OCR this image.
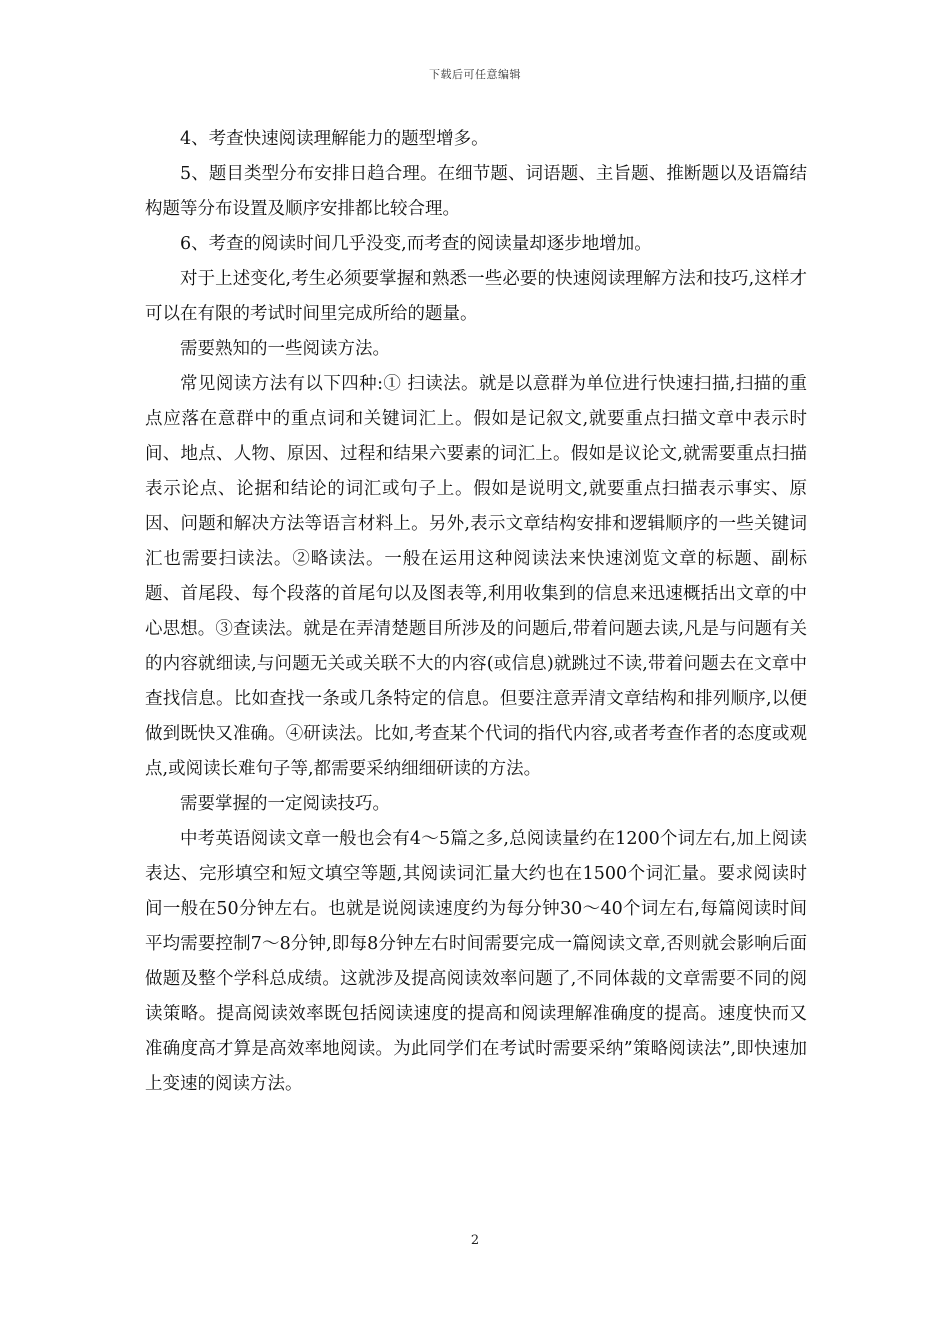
下载后可任意编辑

4、考查快速阅读理解能力的题型增多。

5、题目类型分布安排日趋合理。在细节题、词语题、主旨题、推断题以及语篇结构题等分布设置及顺序安排都比较合理。

6、考查的阅读时间几乎没变,而考查的阅读量却逐步地增加。

对于上述变化,考生必须要掌握和熟悉一些必要的快速阅读理解方法和技巧,这样才可以在有限的考试时间里完成所给的题量。

需要熟知的一些阅读方法。

常见阅读方法有以下四种:① 扫读法。就是以意群为单位进行快速扫描,扫描的重点应落在意群中的重点词和关键词汇上。假如是记叙文,就要重点扫描文章中表示时间、地点、人物、原因、过程和结果六要素的词汇上。假如是议论文,就需要重点扫描表示论点、论据和结论的词汇或句子上。假如是说明文,就要重点扫描表示事实、原因、问题和解决方法等语言材料上。另外,表示文章结构安排和逻辑顺序的一些关键词汇也需要扫读法。②略读法。一般在运用这种阅读法来快速浏览文章的标题、副标题、首尾段、每个段落的首尾句以及图表等,利用收集到的信息来迅速概括出文章的中心思想。③查读法。就是在弄清楚题目所涉及的问题后,带着问题去读,凡是与问题有关的内容就细读,与问题无关或关联不大的内容(或信息)就跳过不读,带着问题去在文章中查找信息。比如查找一条或几条特定的信息。但要注意弄清文章结构和排列顺序,以便做到既快又准确。④研读法。比如,考查某个代词的指代内容,或者考查作者的态度或观点,或阅读长难句子等,都需要采纳细细研读的方法。

需要掌握的一定阅读技巧。

中考英语阅读文章一般也会有4～5篇之多,总阅读量约在1200个词左右,加上阅读表达、完形填空和短文填空等题,其阅读词汇量大约也在1500个词汇量。要求阅读时间一般在50分钟左右。也就是说阅读速度约为每分钟30～40个词左右,每篇阅读时间平均需要控制7～8分钟,即每8分钟左右时间需要完成一篇阅读文章,否则就会影响后面做题及整个学科总成绩。这就涉及提高阅读效率问题了,不同体裁的文章需要不同的阅读策略。提高阅读效率既包括阅读速度的提高和阅读理解准确度的提高。速度快而又准确度高才算是高效率地阅读。为此同学们在考试时需要采纳”策略阅读法”,即快速加上变速的阅读方法。

2
